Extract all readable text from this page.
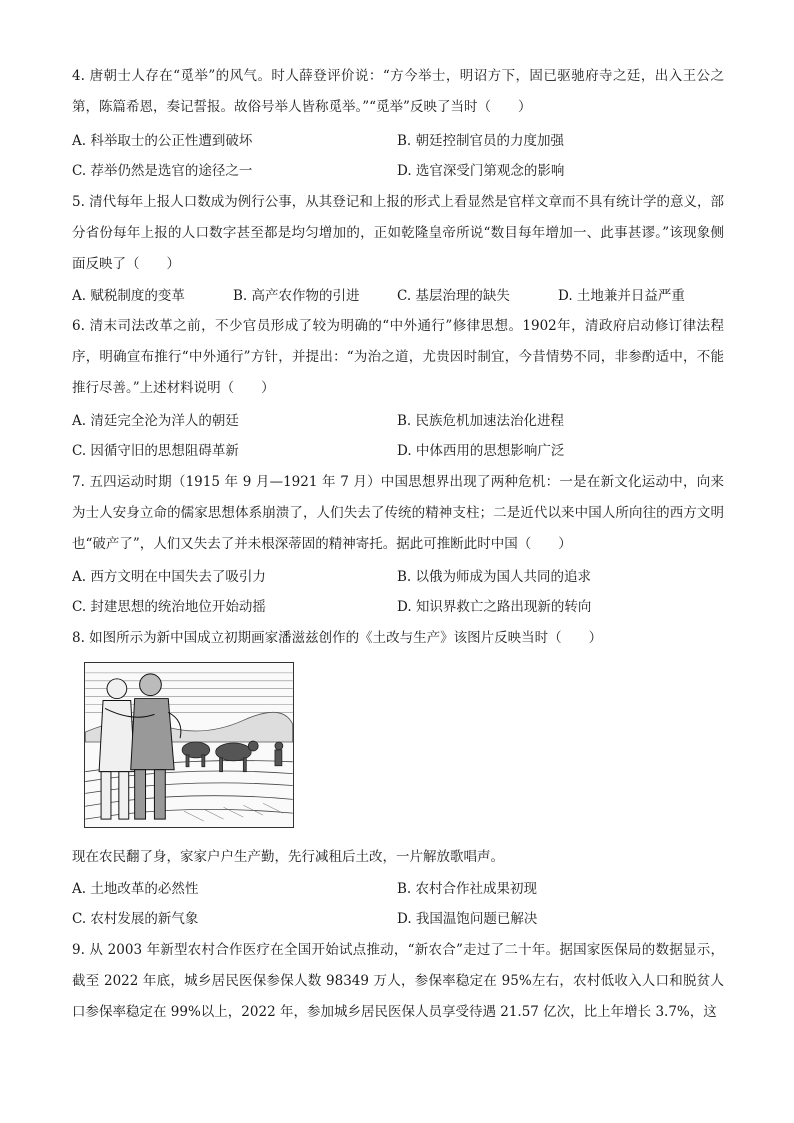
4. 唐朝士人存在“觅举”的风气。时人薛登评价说：“方今举士，明诏方下，固已驱驰府寺之廷，出入王公之第，陈篇希恩，奏记誓报。故俗号举人皆称觅举。”“觅举”反映了当时（　　）

A. 科举取士的公正性遭到破坏	B. 朝廷控制官员的力度加强
C. 荐举仍然是选官的途径之一	D. 选官深受门第观念的影响

5. 清代每年上报人口数成为例行公事，从其登记和上报的形式上看显然是官样文章而不具有统计学的意义，部分省份每年上报的人口数字甚至都是均匀增加的，正如乾隆皇帝所说“数目每年增加一、此事甚谬。”该现象侧面反映了（　　）

A. 赋税制度的变革	B. 高产农作物的引进	C. 基层治理的缺失	D. 土地兼并日益严重

6. 清末司法改革之前，不少官员形成了较为明确的“中外通行”修律思想。1902年，清政府启动修订律法程序，明确宣布推行“中外通行”方针，并提出：“为治之道，尤贵因时制宜，今昔情势不同，非参酌适中，不能推行尽善。”上述材料说明（　　）

A. 清廷完全沦为洋人的朝廷	B. 民族危机加速法治化进程
C. 因循守旧的思想阻碍革新	D. 中体西用的思想影响广泛

7. 五四运动时期（1915 年 9 月—1921 年 7 月）中国思想界出现了两种危机：一是在新文化运动中，向来为士人安身立命的儒家思想体系崩溃了，人们失去了传统的精神支柱；二是近代以来中国人所向往的西方文明也“破产了”，人们又失去了并未根深蒂固的精神寄托。据此可推断此时中国（　　）

A. 西方文明在中国失去了吸引力	B. 以俄为师成为国人共同的追求
C. 封建思想的统治地位开始动摇	D. 知识界救亡之路出现新的转向

8. 如图所示为新中国成立初期画家潘滋兹创作的《土改与生产》该图片反映当时（　　）

现在农民翻了身，家家户户生产勤，先行减租后土改，一片解放歌唱声。

A. 土地改革的必然性	B. 农村合作社成果初现
C. 农村发展的新气象	D. 我国温饱问题已解决

9. 从 2003 年新型农村合作医疗在全国开始试点推动，“新农合”走过了二十年。据国家医保局的数据显示，截至 2022 年底，城乡居民医保参保人数 98349 万人，参保率稳定在 95%左右，农村低收入人口和脱贫人口参保率稳定在 99%以上，2022 年，参加城乡居民医保人员享受待遇 21.57 亿次，比上年增长 3.7%，这
